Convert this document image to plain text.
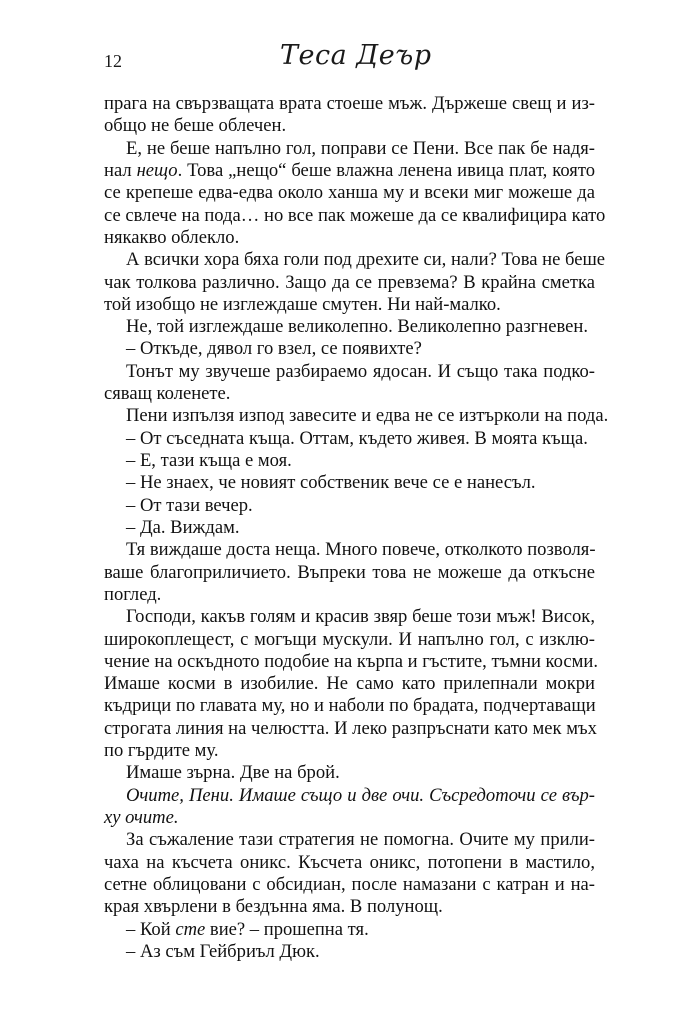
12	Теса Деър
прага на свързващата врата стоеше мъж. Държеше свещ и из-
общо не беше облечен.
Е, не беше напълно гол, поправи се Пени. Все пак бе надя-
нал нещо. Това „нещо“ беше влажна ленена ивица плат, която
се крепеше едва-едва около ханша му и всеки миг можеше да
се свлече на пода… но все пак можеше да се квалифицира като
някакво облекло.
А всички хора бяха голи под дрехите си, нали? Това не беше
чак толкова различно. Защо да се превзема? В крайна сметка
той изобщо не изглеждаше смутен. Ни най-малко.
Не, той изглеждаше великолепно. Великолепно разгневен.
– Откъде, дявол го взел, се появихте?
Тонът му звучеше разбираемо ядосан. И също така подко-
сяващ коленете.
Пени изпълзя изпод завесите и едва не се изтърколи на пода.
– От съседната къща. Оттам, където живея. В моята къща.
– Е, тази къща е моя.
– Не знаех, че новият собственик вече се е нанесъл.
– От тази вечер.
– Да. Виждам.
Тя виждаше доста неща. Много повече, отколкото позволя-
ваше благоприличието. Въпреки това не можеше да откъсне
поглед.
Господи, какъв голям и красив звяр беше този мъж! Висок,
широкоплещест, с могъщи мускули. И напълно гол, с изклю-
чение на оскъдното подобие на кърпа и гъстите, тъмни косми.
Имаше косми в изобилие. Не само като прилепнали мокри
къдрици по главата му, но и наболи по брадата, подчертаващи
строгата линия на челюстта. И леко разпръснати като мек мъх
по гърдите му.
Имаше зърна. Две на брой.
Очите, Пени. Имаше също и две очи. Съсредоточи се вър-
ху очите.
За съжаление тази стратегия не помогна. Очите му прили-
чаха на късчета оникс. Късчета оникс, потопени в мастило,
сетне облицовани с обсидиан, после намазани с катран и на-
края хвърлени в бездънна яма. В полунощ.
– Кой сте вие? – прошепна тя.
– Аз съм Гейбриъл Дюк.
